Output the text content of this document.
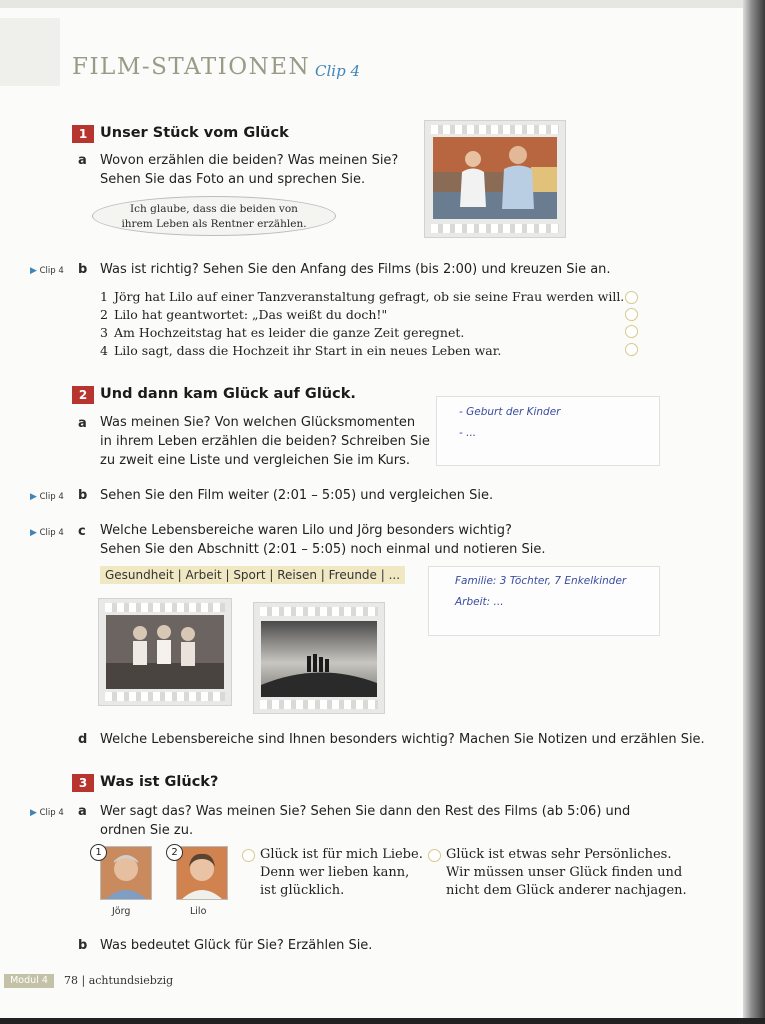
FILM-STATIONEN Clip 4
1 Unser Stück vom Glück
a Wovon erzählen die beiden? Was meinen Sie?
Sehen Sie das Foto an und sprechen Sie.
Ich glaube, dass die beiden von
ihrem Leben als Rentner erzählen.
▶ Clip 4 b Was ist richtig? Sehen Sie den Anfang des Films (bis 2:00) und kreuzen Sie an.
1 Jörg hat Lilo auf einer Tanzveranstaltung gefragt, ob sie seine Frau werden will.
2 Lilo hat geantwortet: „Das weißt du doch!"
3 Am Hochzeitstag hat es leider die ganze Zeit geregnet.
4 Lilo sagt, dass die Hochzeit ihr Start in ein neues Leben war.
2 Und dann kam Glück auf Glück.
a Was meinen Sie? Von welchen Glücksmomenten
in ihrem Leben erzählen die beiden? Schreiben Sie
zu zweit eine Liste und vergleichen Sie im Kurs.
- Geburt der Kinder
- ...
▶ Clip 4 b Sehen Sie den Film weiter (2:01 – 5:05) und vergleichen Sie.
▶ Clip 4 c Welche Lebensbereiche waren Lilo und Jörg besonders wichtig?
Sehen Sie den Abschnitt (2:01 – 5:05) noch einmal und notieren Sie.
Gesundheit | Arbeit | Sport | Reisen | Freunde | ...	Familie: 3 Töchter, 7 Enkelkinder
Arbeit: ...
d Welche Lebensbereiche sind Ihnen besonders wichtig? Machen Sie Notizen und erzählen Sie.
3 Was ist Glück?
▶ Clip 4 a Wer sagt das? Was meinen Sie? Sehen Sie dann den Rest des Films (ab 5:06) und
ordnen Sie zu.
1
Jörg
2
Lilo
Glück ist für mich Liebe.
Denn wer lieben kann,
ist glücklich.
Glück ist etwas sehr Persönliches.
Wir müssen unser Glück finden und
nicht dem Glück anderer nachjagen.
b Was bedeutet Glück für Sie? Erzählen Sie.
Modul 4	78 | achtundsiebzig
